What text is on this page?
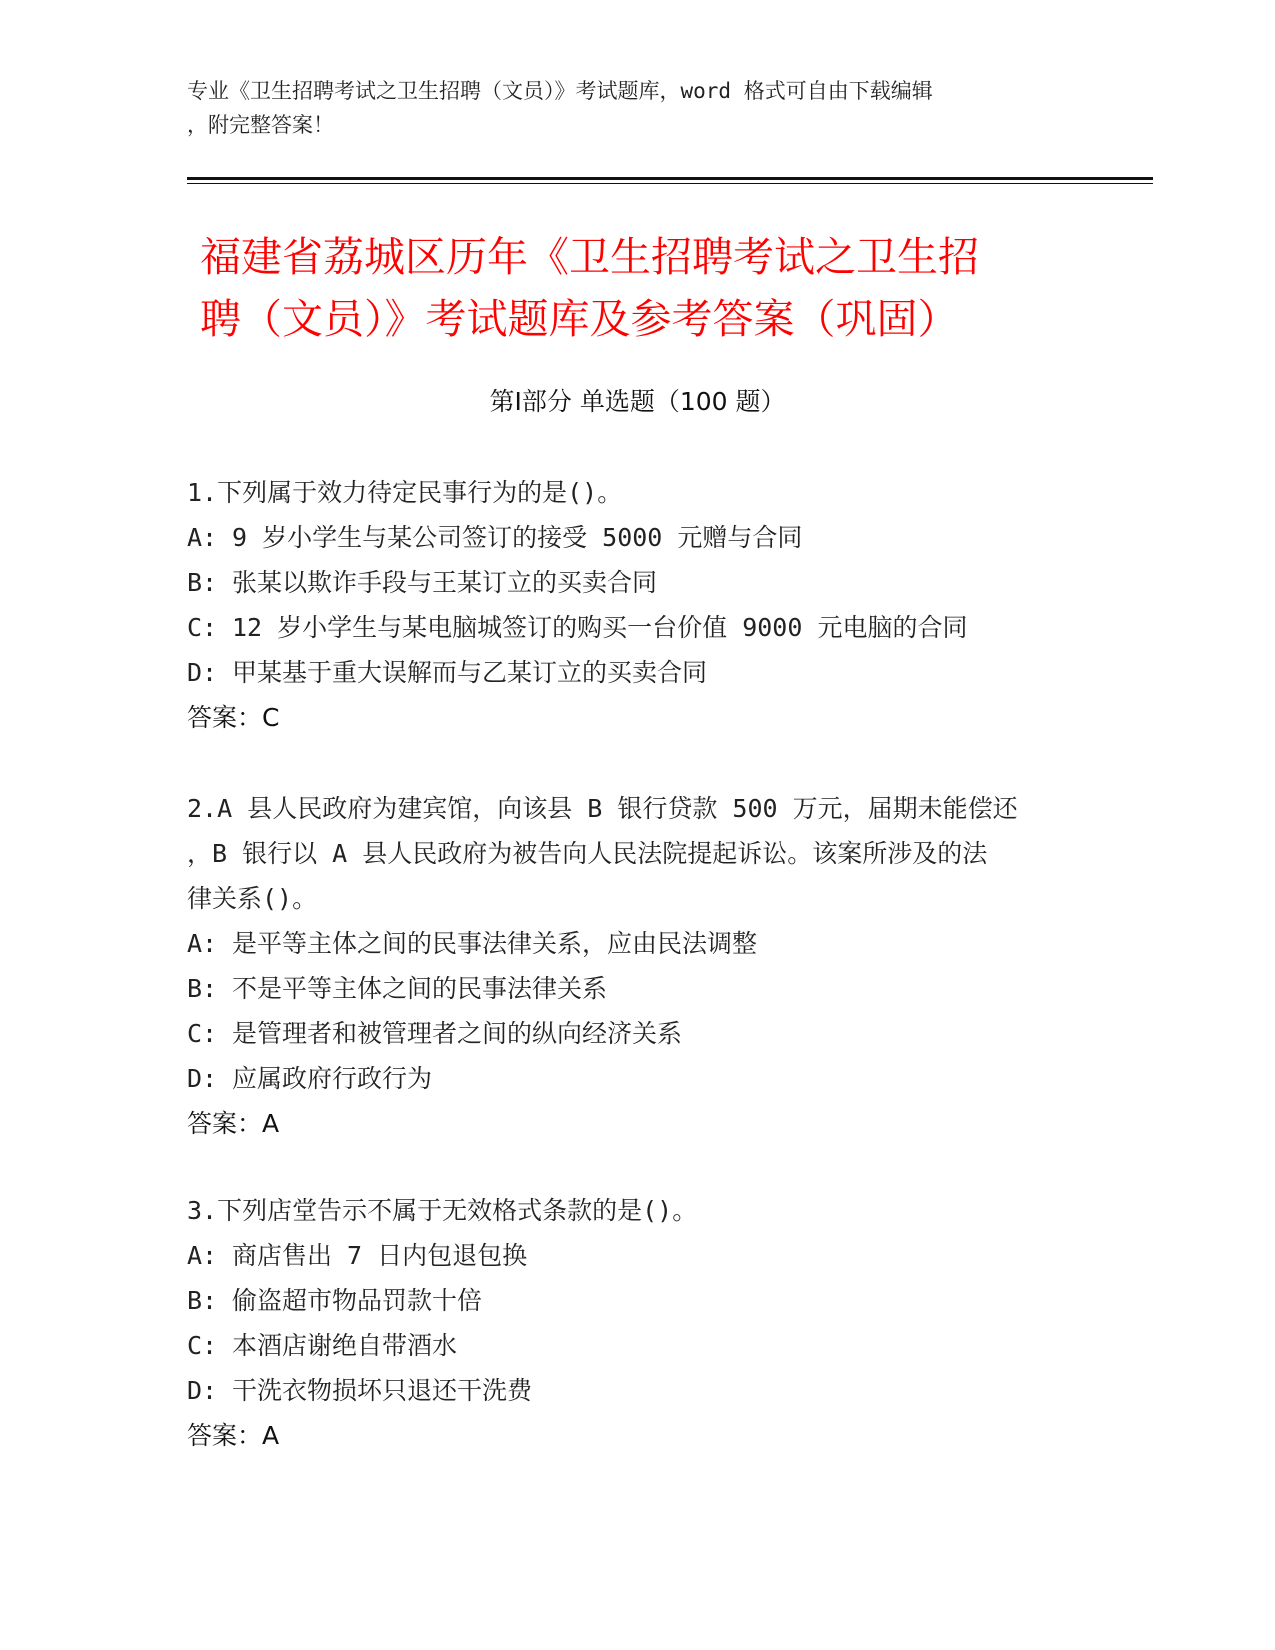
专业《卫生招聘考试之卫生招聘（文员）》考试题库，word 格式可自由下载编辑
，附完整答案！
福建省荔城区历年《卫生招聘考试之卫生招
聘（文员）》考试题库及参考答案（巩固）
第Ⅰ部分 单选题（100 题）
1.下列属于效力待定民事行为的是()。
A: 9 岁小学生与某公司签订的接受 5000 元赠与合同
B: 张某以欺诈手段与王某订立的买卖合同
C: 12 岁小学生与某电脑城签订的购买一台价值 9000 元电脑的合同
D: 甲某基于重大误解而与乙某订立的买卖合同
答案：C
2.A 县人民政府为建宾馆，向该县 B 银行贷款 500 万元，届期未能偿还
，B 银行以 A 县人民政府为被告向人民法院提起诉讼。该案所涉及的法
律关系()。
A: 是平等主体之间的民事法律关系，应由民法调整
B: 不是平等主体之间的民事法律关系
C: 是管理者和被管理者之间的纵向经济关系
D: 应属政府行政行为
答案：A
3.下列店堂告示不属于无效格式条款的是()。
A: 商店售出 7 日内包退包换
B: 偷盗超市物品罚款十倍
C: 本酒店谢绝自带酒水
D: 干洗衣物损坏只退还干洗费
答案：A
